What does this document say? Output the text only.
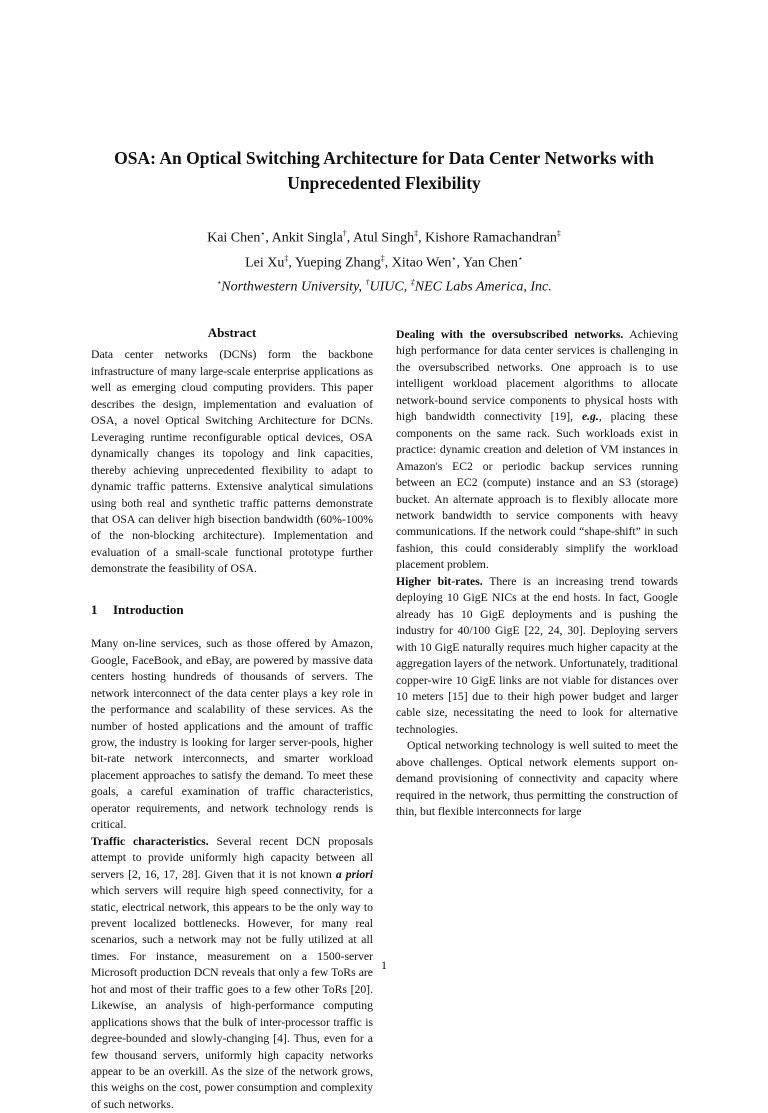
OSA: An Optical Switching Architecture for Data Center Networks with
Unprecedented Flexibility
Kai Chen⋆, Ankit Singla†, Atul Singh‡, Kishore Ramachandran‡
Lei Xu‡, Yueping Zhang‡, Xitao Wen⋆, Yan Chen⋆
⋆Northwestern University, †UIUC, ‡NEC Labs America, Inc.
Abstract

Data center networks (DCNs) form the backbone infrastructure of many large-scale enterprise applications as well as emerging cloud computing providers. This paper describes the design, implementation and evaluation of OSA, a novel Optical Switching Architecture for DCNs. Leveraging runtime reconfigurable optical devices, OSA dynamically changes its topology and link capacities, thereby achieving unprecedented flexibility to adapt to dynamic traffic patterns. Extensive analytical simulations using both real and synthetic traffic patterns demonstrate that OSA can deliver high bisection bandwidth (60%-100% of the non-blocking architecture). Implementation and evaluation of a small-scale functional prototype further demonstrate the feasibility of OSA.

1 Introduction

Many on-line services, such as those offered by Amazon, Google, FaceBook, and eBay, are powered by massive data centers hosting hundreds of thousands of servers. The network interconnect of the data center plays a key role in the performance and scalability of these services. As the number of hosted applications and the amount of traffic grow, the industry is looking for larger server-pools, higher bit-rate network interconnects, and smarter workload placement approaches to satisfy the demand. To meet these goals, a careful examination of traffic characteristics, operator requirements, and network technology rends is critical.

Traffic characteristics. Several recent DCN proposals attempt to provide uniformly high capacity between all servers [2, 16, 17, 28]. Given that it is not known a priori which servers will require high speed connectivity, for a static, electrical network, this appears to be the only way to prevent localized bottlenecks. However, for many real scenarios, such a network may not be fully utilized at all times. For instance, measurement on a 1500-server Microsoft production DCN reveals that only a few ToRs are hot and most of their traffic goes to a few other ToRs [20]. Likewise, an analysis of high-performance computing applications shows that the bulk of inter-processor traffic is degree-bounded and slowly-changing [4]. Thus, even for a few thousand servers, uniformly high capacity networks appear to be an overkill. As the size of the network grows, this weighs on the cost, power consumption and complexity of such networks.

Dealing with the oversubscribed networks. Achieving high performance for data center services is challenging in the oversubscribed networks. One approach is to use intelligent workload placement algorithms to allocate network-bound service components to physical hosts with high bandwidth connectivity [19], e.g., placing these components on the same rack. Such workloads exist in practice: dynamic creation and deletion of VM instances in Amazon's EC2 or periodic backup services running between an EC2 (compute) instance and an S3 (storage) bucket. An alternate approach is to flexibly allocate more network bandwidth to service components with heavy communications. If the network could “shape-shift” in such fashion, this could considerably simplify the workload placement problem.

Higher bit-rates. There is an increasing trend towards deploying 10 GigE NICs at the end hosts. In fact, Google already has 10 GigE deployments and is pushing the industry for 40/100 GigE [22, 24, 30]. Deploying servers with 10 GigE naturally requires much higher capacity at the aggregation layers of the network. Unfortunately, traditional copper-wire 10 GigE links are not viable for distances over 10 meters [15] due to their high power budget and larger cable size, necessitating the need to look for alternative technologies.

Optical networking technology is well suited to meet the above challenges. Optical network elements support on-demand provisioning of connectivity and capacity where required in the network, thus permitting the construction of thin, but flexible interconnects for large

1
